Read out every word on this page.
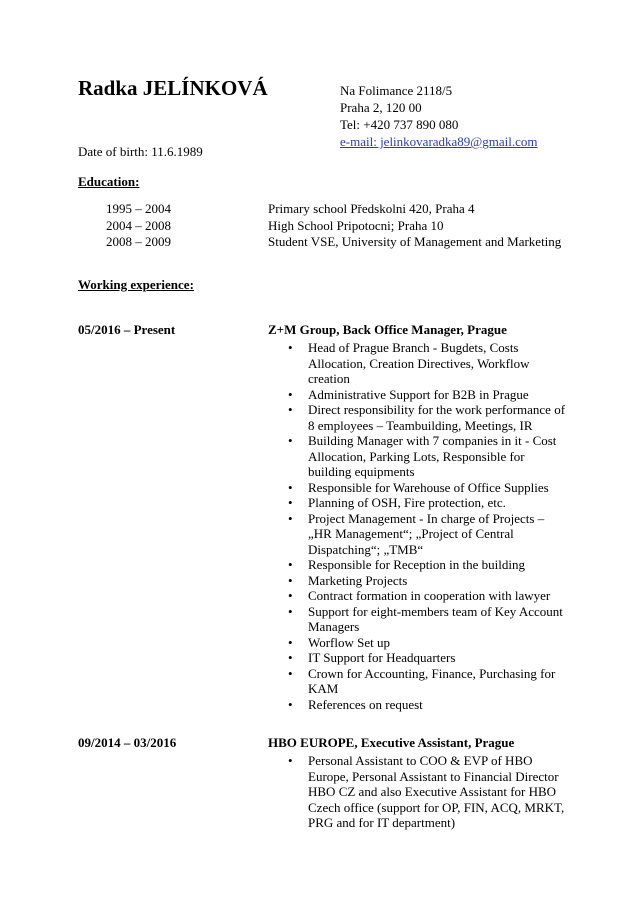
Radka JELÍNKOVÁ
Date of birth: 11.6.1989
Na Folimance 2118/5
Praha 2, 120 00
Tel: +420 737 890 080
e-mail: jelinkovaradka89@gmail.com
Education:
1995 – 2004
2004 – 2008
2008 – 2009
Primary school Předskolni 420, Praha 4
High School Pripotocni; Praha 10
Student VSE, University of Management and Marketing
Working experience:
05/2016 – Present	Z+M Group, Back Office Manager, Prague
• Head of Prague Branch - Bugdets, Costs Allocation, Creation Directives, Workflow creation
• Administrative Support for B2B in Prague
• Direct responsibility for the work performance of 8 employees – Teambuilding, Meetings, IR
• Building Manager with 7 companies in it - Cost Allocation, Parking Lots, Responsible for building equipments
• Responsible for Warehouse of Office Supplies
• Planning of OSH, Fire protection, etc.
• Project Management - In charge of Projects – „HR Management“; „Project of Central Dispatching“; „TMB“
• Responsible for Reception in the building
• Marketing Projects
• Contract formation in cooperation with lawyer
• Support for eight-members team of Key Account Managers
• Worflow Set up
• IT Support for Headquarters
• Crown for Accounting, Finance, Purchasing for KAM
• References on request
09/2014 – 03/2016	HBO EUROPE, Executive Assistant, Prague
• Personal Assistant to COO & EVP of HBO Europe, Personal Assistant to Financial Director HBO CZ and also Executive Assistant for HBO Czech office (support for OP, FIN, ACQ, MRKT, PRG and for IT department)
